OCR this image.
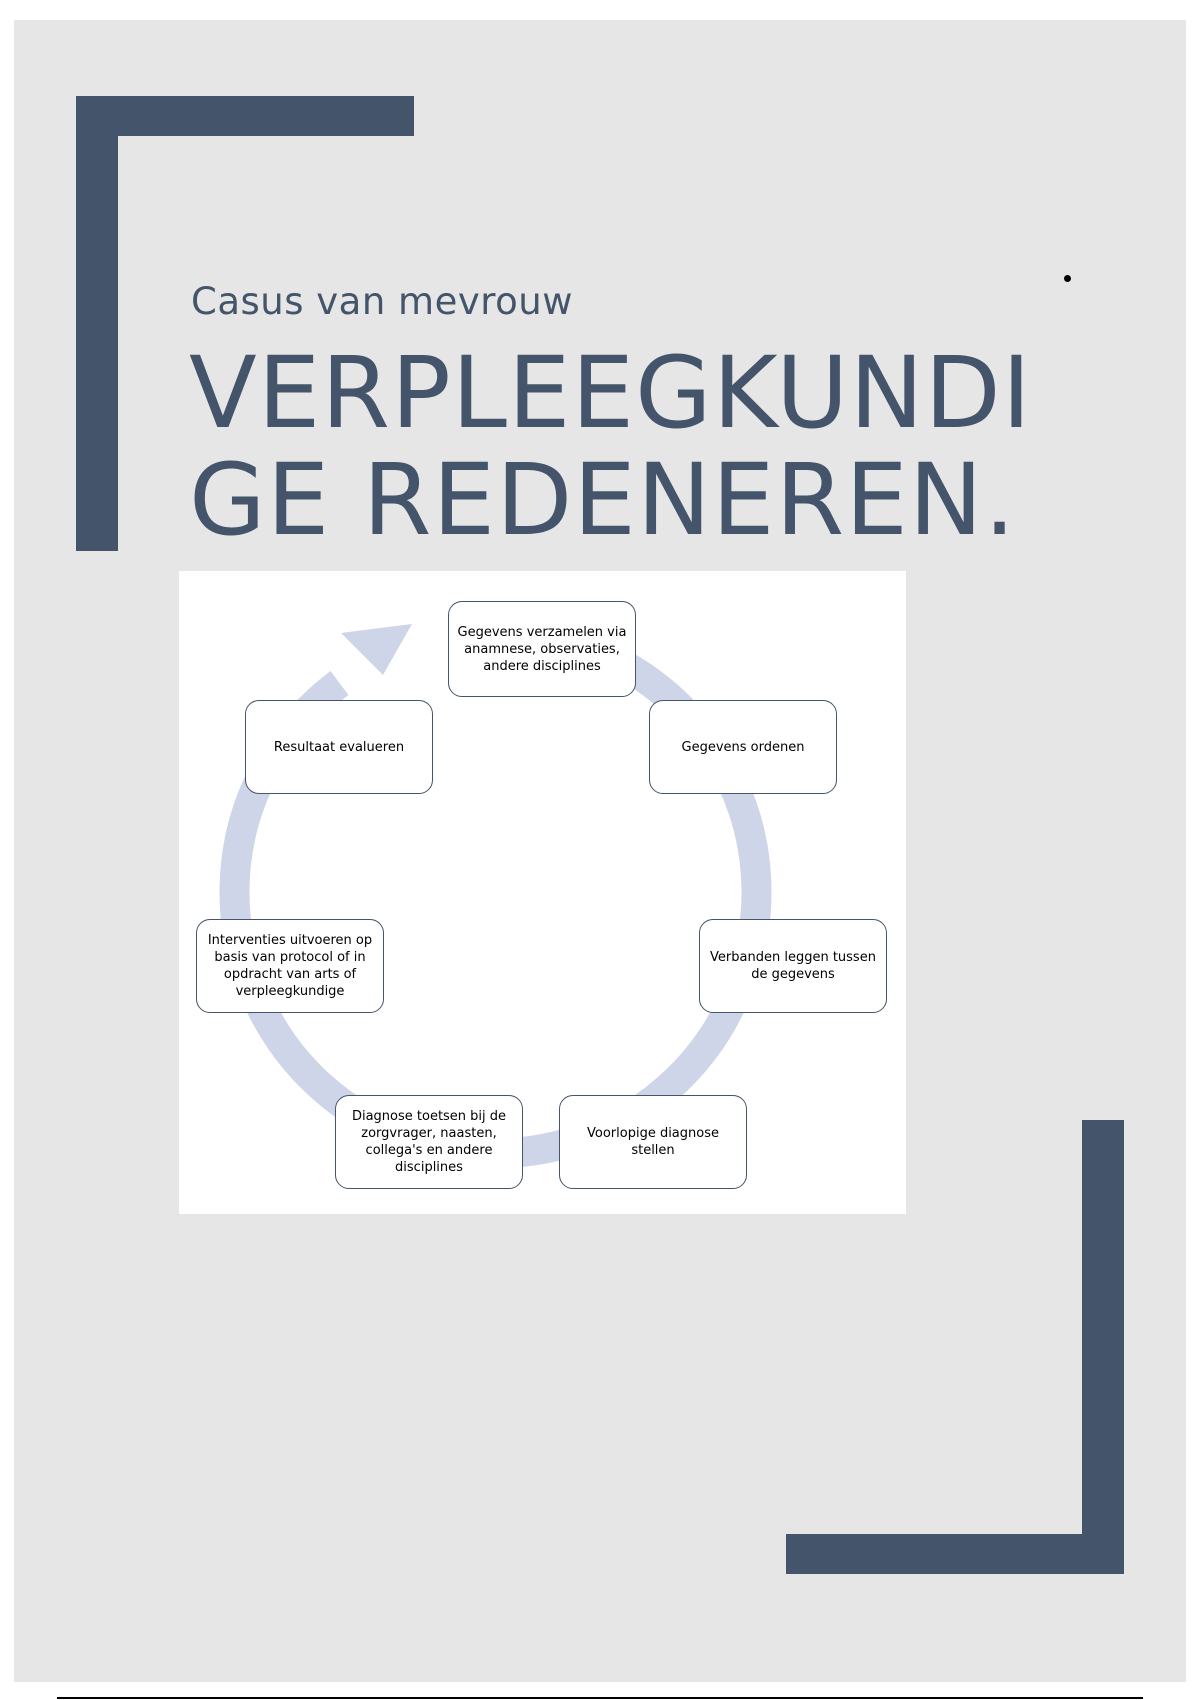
Casus van mevrouw
VERPLEEGKUNDI
GE REDENEREN.
Gegevens verzamelen via anamnese, observaties, andere disciplines
Gegevens ordenen
Verbanden leggen tussen de gegevens
Voorlopige diagnose stellen
Diagnose toetsen bij de zorgvrager, naasten, collega's en andere disciplines
Interventies uitvoeren op basis van protocol of in opdracht van arts of verpleegkundige
Resultaat evalueren
